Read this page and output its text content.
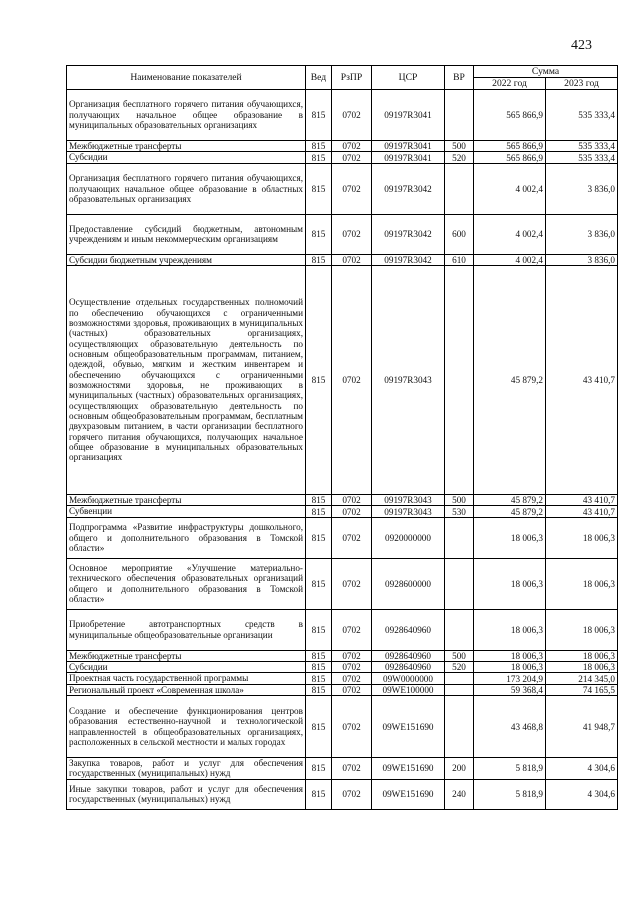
423
Наименование показателей	Вед	РзПР	ЦСР	ВР	Сумма	
					2022 год	2023 год
Организация бесплатного горячего питания обучающихся, получающих начальное общее образование в муниципальных образовательных организациях	815	0702	09197R3041		565 866,9	535 333,4
Межбюджетные трансферты	815	0702	09197R3041	500	565 866,9	535 333,4
Субсидии	815	0702	09197R3041	520	565 866,9	535 333,4
Организация бесплатного горячего питания обучающихся, получающих начальное общее образование в областных образовательных организациях	815	0702	09197R3042		4 002,4	3 836,0
Предоставление субсидий бюджетным, автономным учреждениям и иным некоммерческим организациям	815	0702	09197R3042	600	4 002,4	3 836,0
Субсидии бюджетным учреждениям	815	0702	09197R3042	610	4 002,4	3 836,0
Осуществление отдельных государственных полномочий по обеспечению обучающихся с ограниченными возможностями здоровья, проживающих в муниципальных (частных) образовательных организациях, осуществляющих образовательную деятельность по основным общеобразовательным программам, питанием, одеждой, обувью, мягким и жестким инвентарем и обеспечению обучающихся с ограниченными возможностями здоровья, не проживающих в муниципальных (частных) образовательных организациях, осуществляющих образовательную деятельность по основным общеобразовательным программам, бесплатным двухразовым питанием, в части организации бесплатного горячего питания обучающихся, получающих начальное общее образование в муниципальных образовательных организациях	815	0702	09197R3043		45 879,2	43 410,7
Межбюджетные трансферты	815	0702	09197R3043	500	45 879,2	43 410,7
Субвенции	815	0702	09197R3043	530	45 879,2	43 410,7
Подпрограмма «Развитие инфраструктуры дошкольного, общего и дополнительного образования в Томской области»	815	0702	0920000000		18 006,3	18 006,3
Основное мероприятие «Улучшение материально-технического обеспечения образовательных организаций общего и дополнительного образования в Томской области»	815	0702	0928600000		18 006,3	18 006,3
Приобретение автотранспортных средств в муниципальные общеобразовательные организации	815	0702	0928640960		18 006,3	18 006,3
Межбюджетные трансферты	815	0702	0928640960	500	18 006,3	18 006,3
Субсидии	815	0702	0928640960	520	18 006,3	18 006,3
Проектная часть государственной программы	815	0702	09W0000000		173 204,9	214 345,0
Региональный проект «Современная школа»	815	0702	09WE100000		59 368,4	74 165,5
Создание и обеспечение функционирования центров образования естественно-научной и технологической направленностей в общеобразовательных организациях, расположенных в сельской местности и малых городах	815	0702	09WE151690		43 468,8	41 948,7
Закупка товаров, работ и услуг для обеспечения государственных (муниципальных) нужд	815	0702	09WE151690	200	5 818,9	4 304,6
Иные закупки товаров, работ и услуг для обеспечения государственных (муниципальных) нужд	815	0702	09WE151690	240	5 818,9	4 304,6
